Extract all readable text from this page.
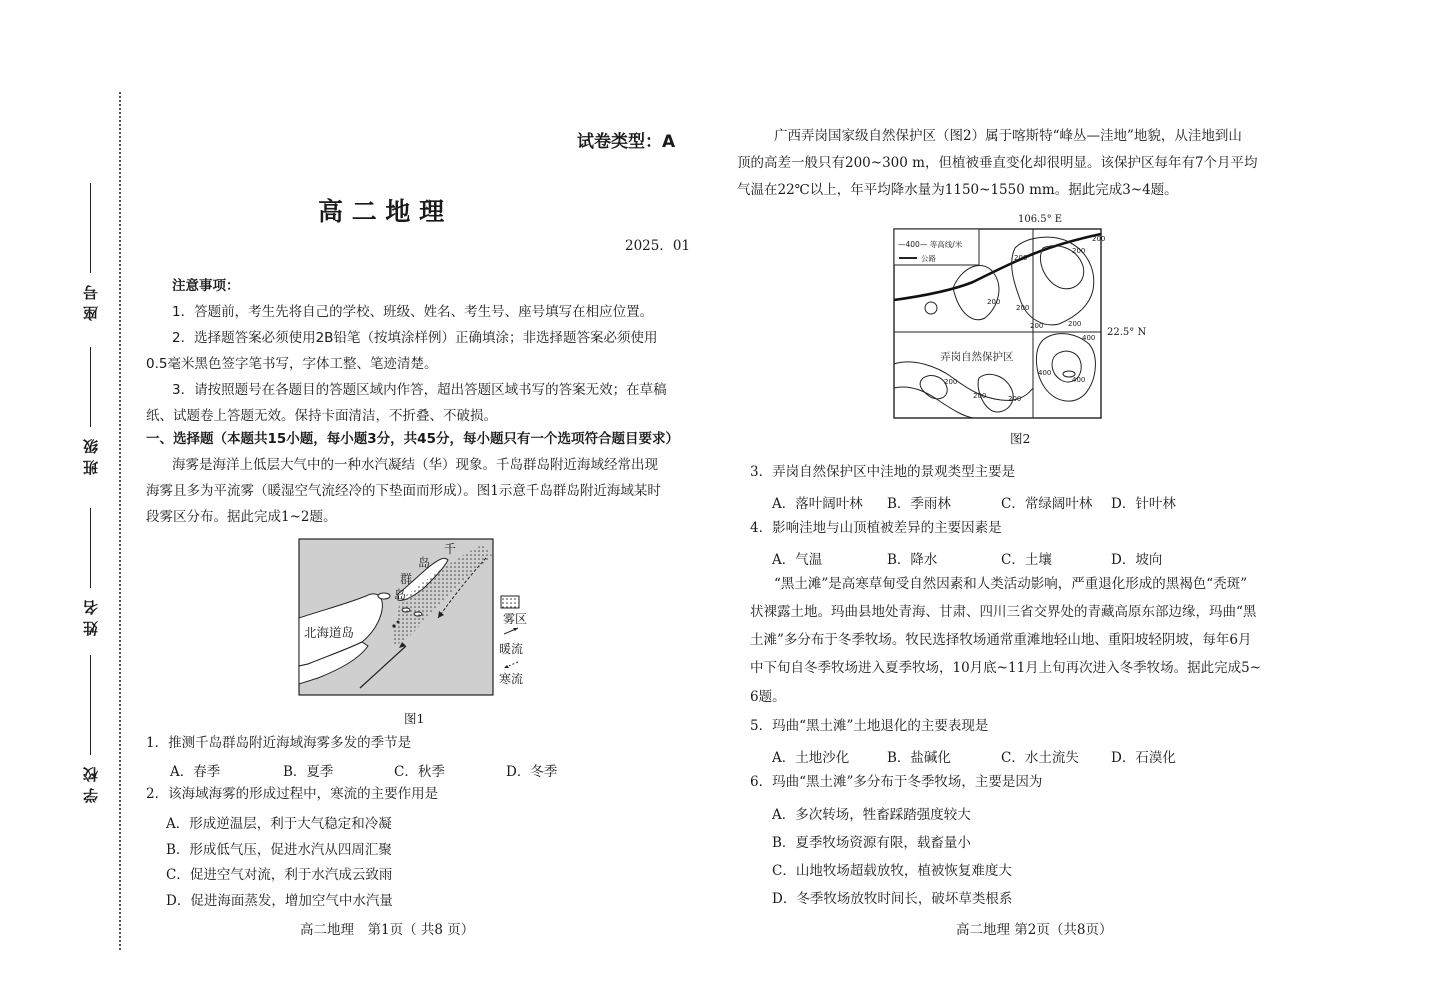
座号
班级
姓名
学校
试卷类型：A
高 二 地 理
2025．01
注意事项：
1．答题前，考生先将自己的学校、班级、姓名、考生号、座号填写在相应位置。
2．选择题答案必须使用2B铅笔（按填涂样例）正确填涂；非选择题答案必须使用
0.5毫米黑色签字笔书写，字体工整、笔迹清楚。
3．请按照题号在各题目的答题区域内作答，超出答题区域书写的答案无效；在草稿
纸、试题卷上答题无效。保持卡面清洁，不折叠、不破损。
一、选择题（本题共15小题，每小题3分，共45分，每小题只有一个选项符合题目要求）
海雾是海洋上低层大气中的一种水汽凝结（华）现象。千岛群岛附近海域经常出现
海雾且多为平流雾（暖湿空气流经冷的下垫面而形成）。图1示意千岛群岛附近海域某时
段雾区分布。据此完成1~2题。
北海道岛
千
岛
群
岛
雾区
暖流
寒流
图1
1．推测千岛群岛附近海域海雾多发的季节是
A．春季	B．夏季	C．秋季	D．冬季
2．该海域海雾的形成过程中，寒流的主要作用是
A．形成逆温层，利于大气稳定和冷凝
B．形成低气压，促进水汽从四周汇聚
C．促进空气对流，利于水汽成云致雨
D．促进海面蒸发，增加空气中水汽量
高二地理　第1页（ 共8 页）
广西弄岗国家级自然保护区（图2）属于喀斯特“峰丛—洼地”地貌，从洼地到山
顶的高差一般只有200~300 m，但植被垂直变化却很明显。该保护区每年有7个月平均
气温在22℃以上，年平均降水量为1150~1550 mm。据此完成3~4题。
106.5° E
—400— 等高线/米
公路
弄岗自然保护区
22.5° N
200
200
200
200
200
200
200
400
400
400
200
200
200
图2
3．弄岗自然保护区中洼地的景观类型主要是
A．落叶阔叶林 B．季雨林	C．常绿阔叶林 D．针叶林
4．影响洼地与山顶植被差异的主要因素是
A．气温	B．降水	C．土壤	D．坡向
“黑土滩”是高寒草甸受自然因素和人类活动影响，严重退化形成的黑褐色“秃斑”
状裸露土地。玛曲县地处青海、甘肃、四川三省交界处的青藏高原东部边缘，玛曲“黑
土滩”多分布于冬季牧场。牧民选择牧场通常重滩地轻山地、重阳坡轻阴坡，每年6月
中下旬自冬季牧场进入夏季牧场，10月底~11月上旬再次进入冬季牧场。据此完成5~
6题。
5．玛曲“黑土滩”土地退化的主要表现是
A．土地沙化	B．盐碱化	C．水土流失 D．石漠化
6．玛曲“黑土滩”多分布于冬季牧场，主要是因为
A．多次转场，牲畜踩踏强度较大
B．夏季牧场资源有限，载畜量小
C．山地牧场超载放牧，植被恢复难度大
D．冬季牧场放牧时间长，破坏草类根系
高二地理 第2页（共8页）
